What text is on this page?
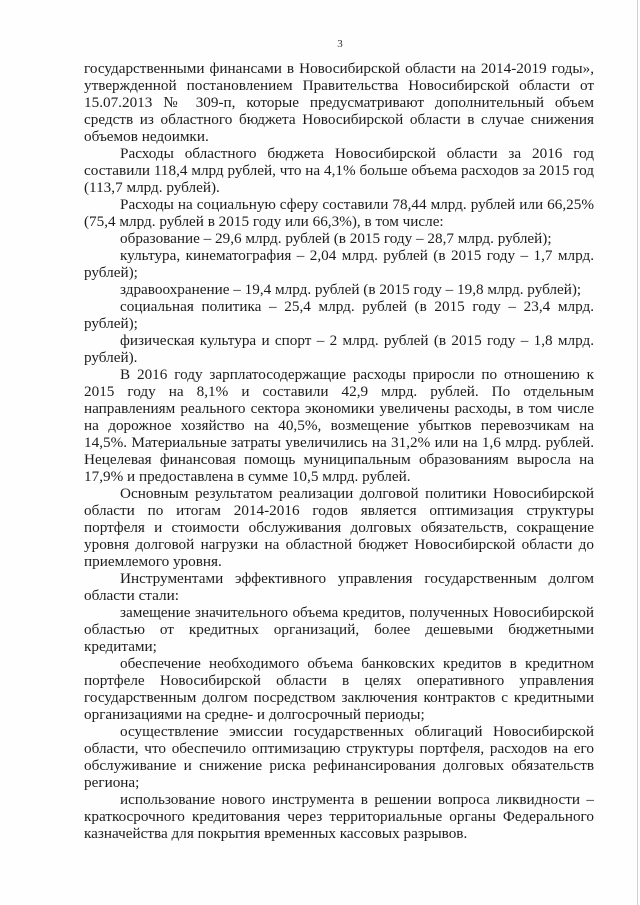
3

государственными финансами в Новосибирской области на 2014-2019 годы», утвержденной постановлением Правительства Новосибирской области от 15.07.2013 № 309-п, которые предусматривают дополнительный объем средств из областного бюджета Новосибирской области в случае снижения объемов недоимки.

Расходы областного бюджета Новосибирской области за 2016 год составили 118,4 млрд рублей, что на 4,1% больше объема расходов за 2015 год (113,7 млрд. рублей).

Расходы на социальную сферу составили 78,44 млрд. рублей или 66,25% (75,4 млрд. рублей в 2015 году или 66,3%), в том числе:

образование – 29,6 млрд. рублей (в 2015 году – 28,7 млрд. рублей);

культура, кинематография – 2,04 млрд. рублей (в 2015 году – 1,7 млрд. рублей);

здравоохранение – 19,4 млрд. рублей (в 2015 году – 19,8 млрд. рублей);

социальная политика – 25,4 млрд. рублей (в 2015 году – 23,4 млрд. рублей);

физическая культура и спорт – 2 млрд. рублей (в 2015 году – 1,8 млрд. рублей).

В 2016 году зарплатосодержащие расходы приросли по отношению к 2015 году на 8,1% и составили 42,9 млрд. рублей. По отдельным направлениям реального сектора экономики увеличены расходы, в том числе на дорожное хозяйство на 40,5%, возмещение убытков перевозчикам на 14,5%. Материальные затраты увеличились на 31,2% или на 1,6 млрд. рублей. Нецелевая финансовая помощь муниципальным образованиям выросла на 17,9% и предоставлена в сумме 10,5 млрд. рублей.

Основным результатом реализации долговой политики Новосибирской области по итогам 2014-2016 годов является оптимизация структуры портфеля и стоимости обслуживания долговых обязательств, сокращение уровня долговой нагрузки на областной бюджет Новосибирской области до приемлемого уровня.

Инструментами эффективного управления государственным долгом области стали:

замещение значительного объема кредитов, полученных Новосибирской областью от кредитных организаций, более дешевыми бюджетными кредитами;

обеспечение необходимого объема банковских кредитов в кредитном портфеле Новосибирской области в целях оперативного управления государственным долгом посредством заключения контрактов с кредитными организациями на средне- и долгосрочный периоды;

осуществление эмиссии государственных облигаций Новосибирской области, что обеспечило оптимизацию структуры портфеля, расходов на его обслуживание и снижение риска рефинансирования долговых обязательств региона;

использование нового инструмента в решении вопроса ликвидности – краткосрочного кредитования через территориальные органы Федерального казначейства для покрытия временных кассовых разрывов.
